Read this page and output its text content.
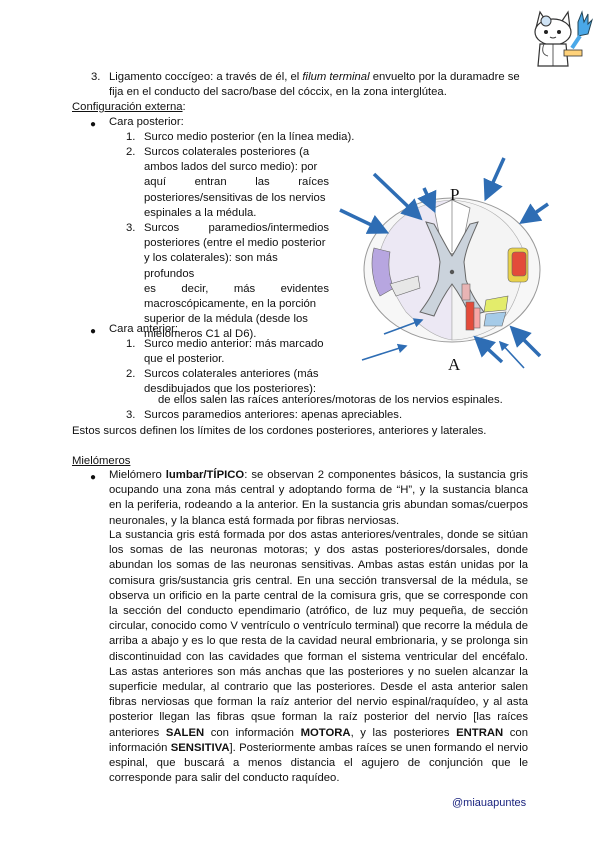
3. Ligamento coccígeo: a través de él, el filum terminal envuelto por la duramadre se
fija en el conducto del sacro/base del cóccix, en la zona interglútea.
Configuración externa:
● Cara posterior:
1. Surco medio posterior (en la línea media).
2. Surcos colaterales posteriores (a
ambos lados del surco medio): por
aquí	entran	las	raíces
posteriores/sensitivas de los nervios
espinales a la médula.
3. Surcos	paramedios/intermedios
posteriores (entre el medio posterior
y los colaterales): son más profundos
es decir, más evidentes
macroscópicamente, en la porción
superior de la médula (desde los
mielómeros C1 al D6).
● Cara anterior:
1. Surco medio anterior: más marcado
que el posterior.
2. Surcos colaterales anteriores (más
desdibujados que los posteriores):
de ellos salen las raíces anteriores/motoras de los nervios espinales.
3. Surcos paramedios anteriores: apenas apreciables.
Estos surcos definen los límites de los cordones posteriores, anteriores y laterales.
P
A
Mielómeros
● Mielómero lumbar/TÍPICO: se observan 2 componentes básicos, la sustancia gris ocupando una zona más central y adoptando forma de “H”, y la sustancia blanca en la periferia, rodeando a la anterior. En la sustancia gris abundan somas/cuerpos neuronales, y la blanca está formada por fibras nerviosas.
La sustancia gris está formada por dos astas anteriores/ventrales, donde se sitúan los somas de las neuronas motoras; y dos astas posteriores/dorsales, donde abundan los somas de las neuronas sensitivas. Ambas astas están unidas por la comisura gris/sustancia gris central. En una sección transversal de la médula, se observa un orificio en la parte central de la comisura gris, que se corresponde con la sección del conducto ependimario (atrófico, de luz muy pequeña, de sección circular, conocido como V ventrículo o ventrículo terminal) que recorre la médula de arriba a abajo y es lo que resta de la cavidad neural embrionaria, y se prolonga sin discontinuidad con las cavidades que forman el sistema ventricular del encéfalo. Las astas anteriores son más anchas que las posteriores y no suelen alcanzar la superficie medular, al contrario que las posteriores. Desde el asta anterior salen fibras nerviosas que forman la raíz anterior del nervio espinal/raquídeo, y al asta posterior llegan las fibras qsue forman la raíz posterior del nervio [las raíces anteriores SALEN con información MOTORA, y las posteriores ENTRAN con información SENSITIVA]. Posteriormente ambas raíces se unen formando el nervio espinal, que buscará a menos distancia el agujero de conjunción que le corresponde para salir del conducto raquídeo.
@miauapuntes
